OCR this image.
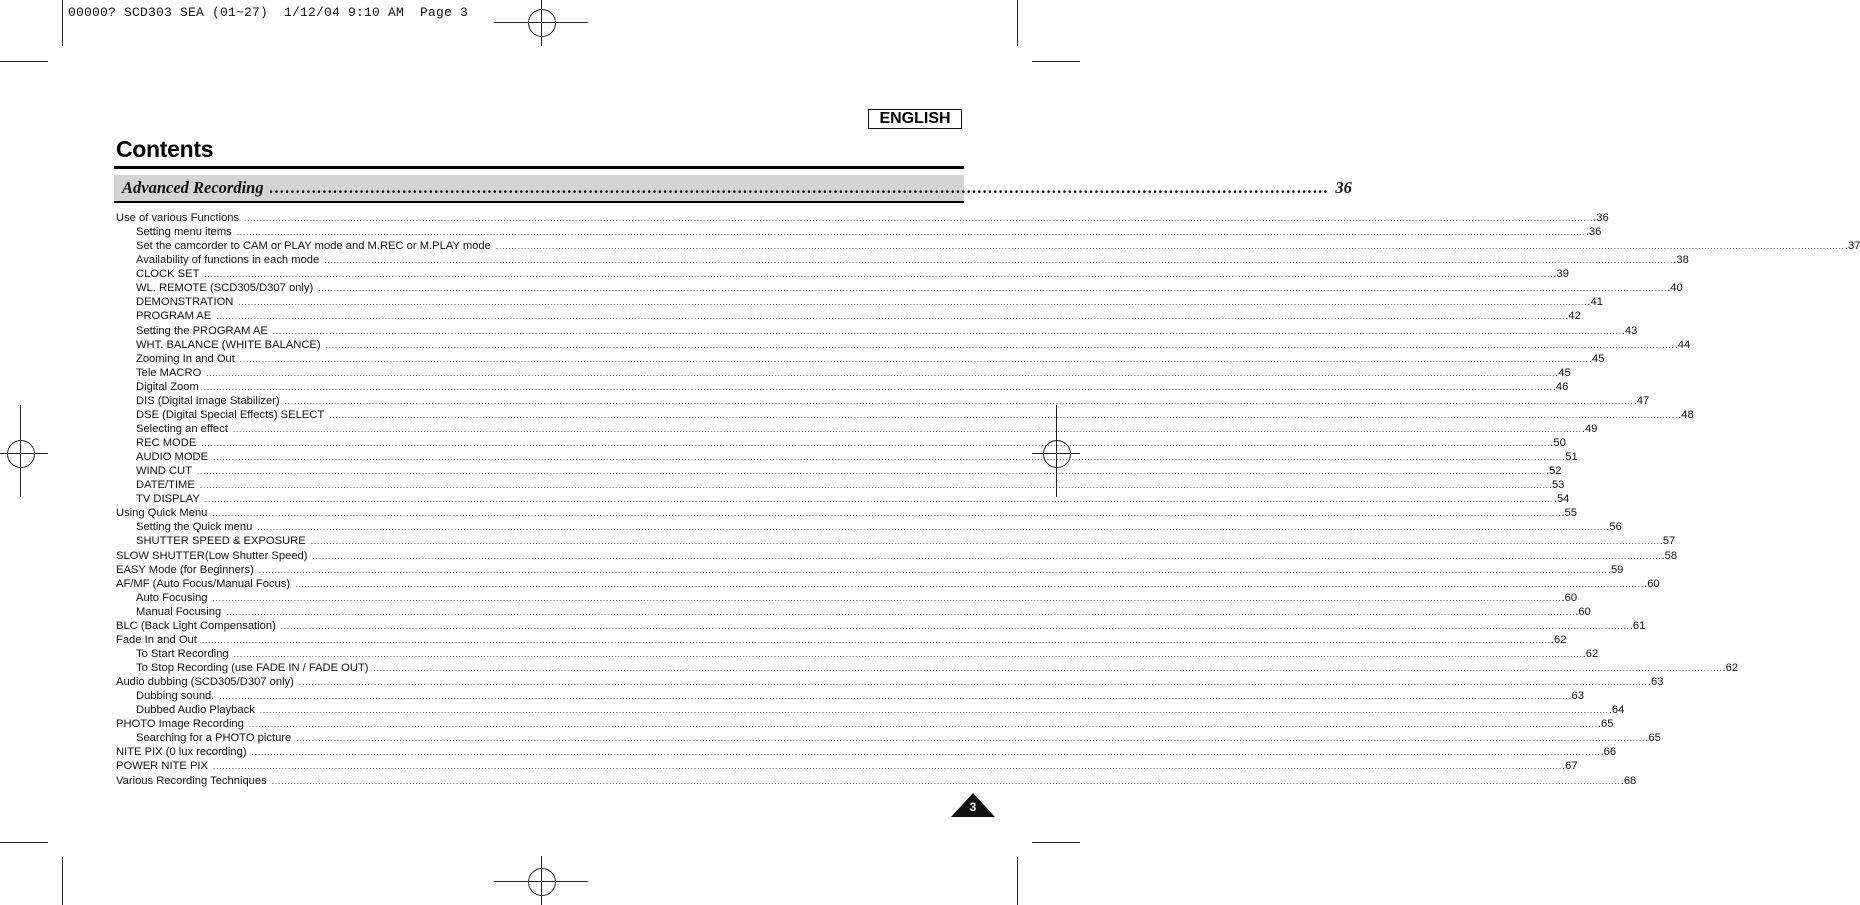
00000? SCD303 SEA (01~27)  1/12/04 9:10 AM  Page 3
ENGLISH
Contents
Advanced Recording ....................................................................................................................................................................................................... 36
Use of various Functions ................................................................................................................................................................................................................................................................................................................................................................................................................................................ .36
Setting menu items ................................................................................................................................................................................................................................................................................................................................................................................................................................................ .36
Set the camcorder to CAM or PLAY mode and M.REC or M.PLAY mode ................................................................................................................................................................................................................................................................................................................................................................................................................................................ .37
Availability of functions in each mode ................................................................................................................................................................................................................................................................................................................................................................................................................................................ .38
CLOCK SET ................................................................................................................................................................................................................................................................................................................................................................................................................................................ .39
WL. REMOTE (SCD305/D307 only) ................................................................................................................................................................................................................................................................................................................................................................................................................................................ .40
DEMONSTRATION ................................................................................................................................................................................................................................................................................................................................................................................................................................................ .41
PROGRAM AE ................................................................................................................................................................................................................................................................................................................................................................................................................................................ .42
Setting the PROGRAM AE ................................................................................................................................................................................................................................................................................................................................................................................................................................................ .43
WHT. BALANCE (WHITE BALANCE) ................................................................................................................................................................................................................................................................................................................................................................................................................................................ .44
Zooming In and Out ................................................................................................................................................................................................................................................................................................................................................................................................................................................ .45
Tele MACRO ................................................................................................................................................................................................................................................................................................................................................................................................................................................ .45
Digital Zoom ................................................................................................................................................................................................................................................................................................................................................................................................................................................ .46
DIS (Digital Image Stabilizer) ................................................................................................................................................................................................................................................................................................................................................................................................................................................ .47
DSE (Digital Special Effects) SELECT ................................................................................................................................................................................................................................................................................................................................................................................................................................................ .48
Selecting an effect ................................................................................................................................................................................................................................................................................................................................................................................................................................................ .49
REC MODE ................................................................................................................................................................................................................................................................................................................................................................................................................................................ .50
AUDIO MODE ................................................................................................................................................................................................................................................................................................................................................................................................................................................ .51
WIND CUT ................................................................................................................................................................................................................................................................................................................................................................................................................................................ .52
DATE/TIME ................................................................................................................................................................................................................................................................................................................................................................................................................................................ .53
TV DISPLAY ................................................................................................................................................................................................................................................................................................................................................................................................................................................ .54
Using Quick Menu ................................................................................................................................................................................................................................................................................................................................................................................................................................................ .55
Setting the Quick menu ................................................................................................................................................................................................................................................................................................................................................................................................................................................ .56
SHUTTER SPEED & EXPOSURE ................................................................................................................................................................................................................................................................................................................................................................................................................................................ .57
SLOW SHUTTER(Low Shutter Speed) ................................................................................................................................................................................................................................................................................................................................................................................................................................................ .58
EASY Mode (for Beginners) ................................................................................................................................................................................................................................................................................................................................................................................................................................................ .59
AF/MF (Auto Focus/Manual Focus) ................................................................................................................................................................................................................................................................................................................................................................................................................................................ .60
Auto Focusing ................................................................................................................................................................................................................................................................................................................................................................................................................................................ .60
Manual Focusing ................................................................................................................................................................................................................................................................................................................................................................................................................................................ .60
BLC (Back Light Compensation) ................................................................................................................................................................................................................................................................................................................................................................................................................................................ .61
Fade In and Out ................................................................................................................................................................................................................................................................................................................................................................................................................................................ .62
To Start Recording ................................................................................................................................................................................................................................................................................................................................................................................................................................................ .62
To Stop Recording (use FADE IN / FADE OUT) ................................................................................................................................................................................................................................................................................................................................................................................................................................................ .62
Audio dubbing (SCD305/D307 only) ................................................................................................................................................................................................................................................................................................................................................................................................................................................ .63
Dubbing sound. ................................................................................................................................................................................................................................................................................................................................................................................................................................................ .63
Dubbed Audio Playback ................................................................................................................................................................................................................................................................................................................................................................................................................................................ .64
PHOTO Image Recording ................................................................................................................................................................................................................................................................................................................................................................................................................................................ .65
Searching for a PHOTO picture ................................................................................................................................................................................................................................................................................................................................................................................................................................................ .65
NITE PIX (0 lux recording) ................................................................................................................................................................................................................................................................................................................................................................................................................................................ .66
POWER NITE PIX ................................................................................................................................................................................................................................................................................................................................................................................................................................................ .67
Various Recording Techniques ................................................................................................................................................................................................................................................................................................................................................................................................................................................ .68
3
